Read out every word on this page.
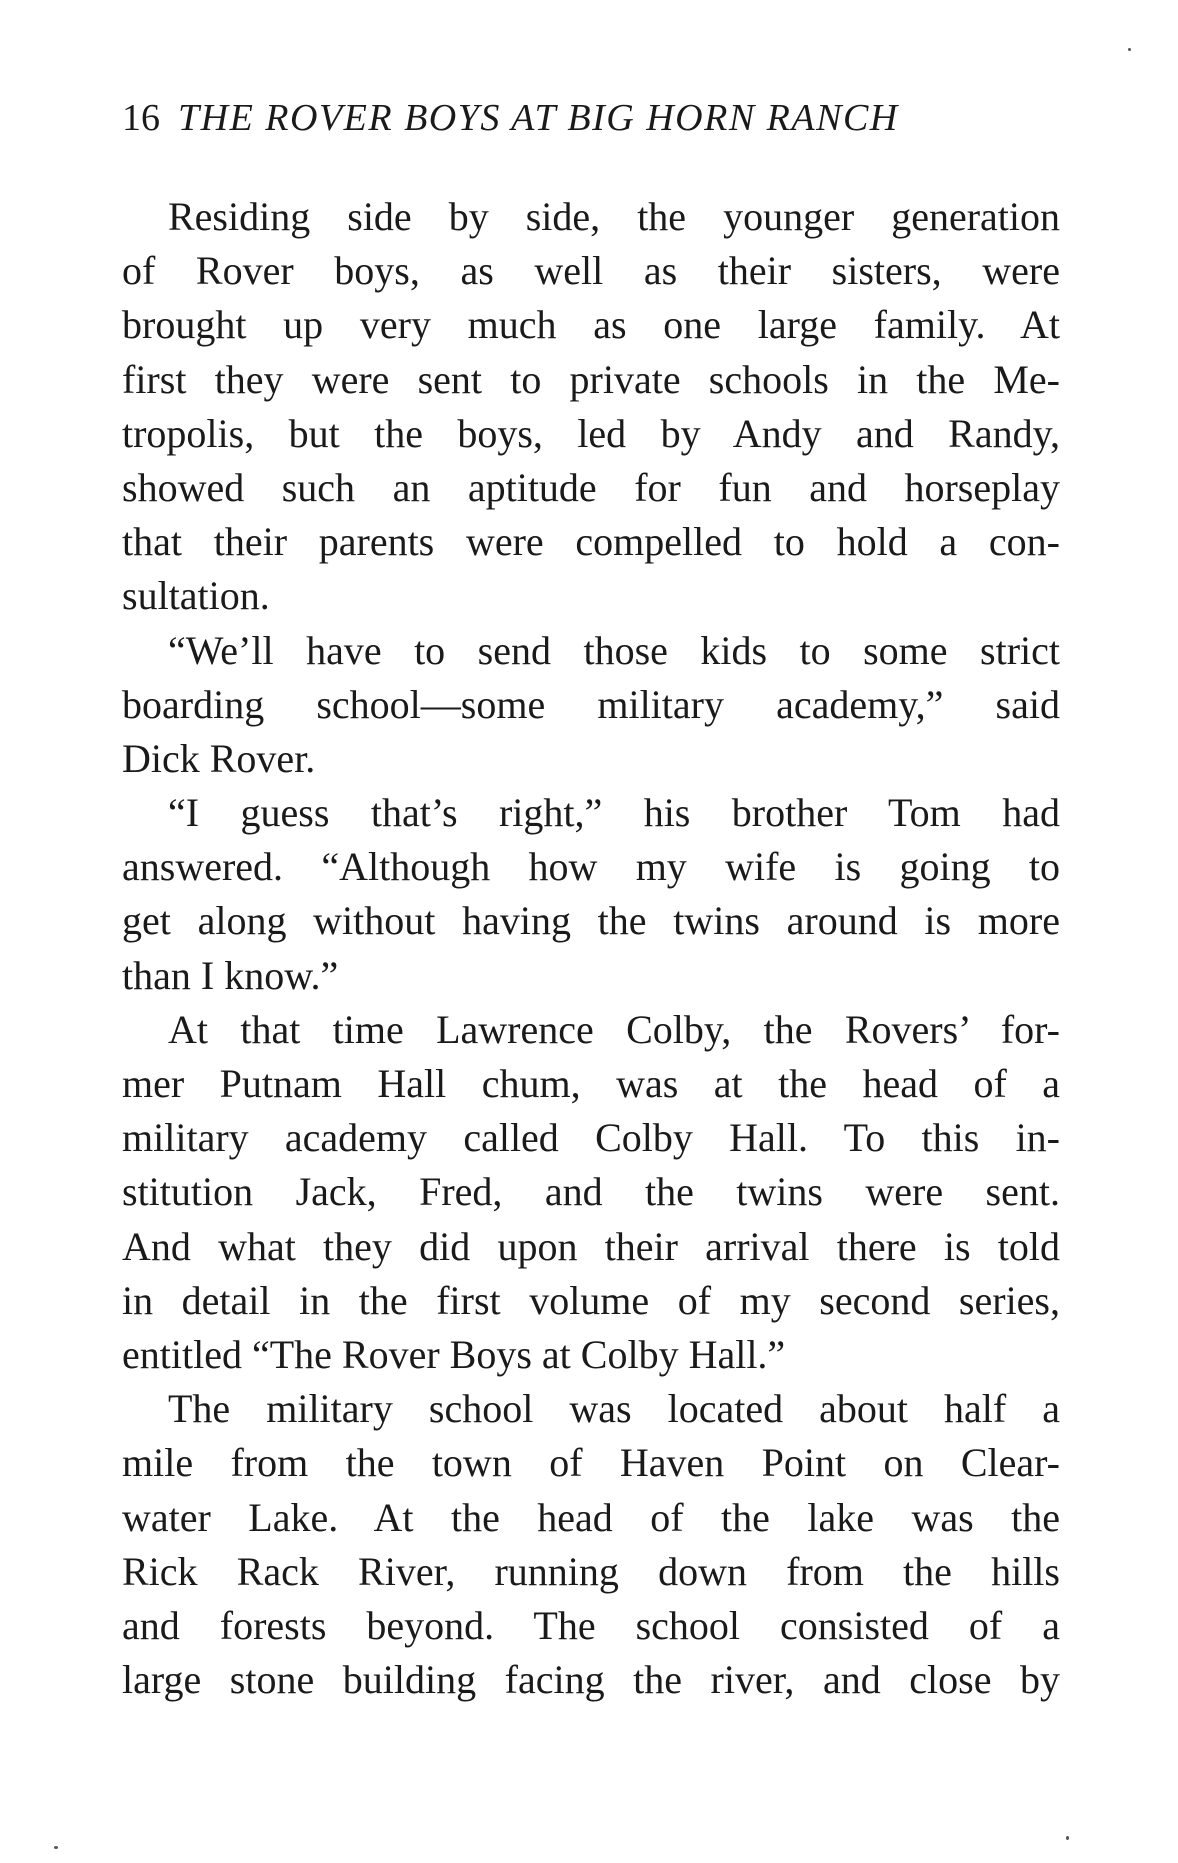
16 THE ROVER BOYS AT BIG HORN RANCH
Residing side by side, the younger generation
of Rover boys, as well as their sisters, were
brought up very much as one large family. At
first they were sent to private schools in the Me-
tropolis, but the boys, led by Andy and Randy,
showed such an aptitude for fun and horseplay
that their parents were compelled to hold a con-
sultation.
“We’ll have to send those kids to some strict
boarding school—some military academy,” said
Dick Rover.
“I guess that’s right,” his brother Tom had
answered. “Although how my wife is going to
get along without having the twins around is more
than I know.”
At that time Lawrence Colby, the Rovers’ for-
mer Putnam Hall chum, was at the head of a
military academy called Colby Hall. To this in-
stitution Jack, Fred, and the twins were sent.
And what they did upon their arrival there is told
in detail in the first volume of my second series,
entitled “The Rover Boys at Colby Hall.”
The military school was located about half a
mile from the town of Haven Point on Clear-
water Lake. At the head of the lake was the
Rick Rack River, running down from the hills
and forests beyond. The school consisted of a
large stone building facing the river, and close by
